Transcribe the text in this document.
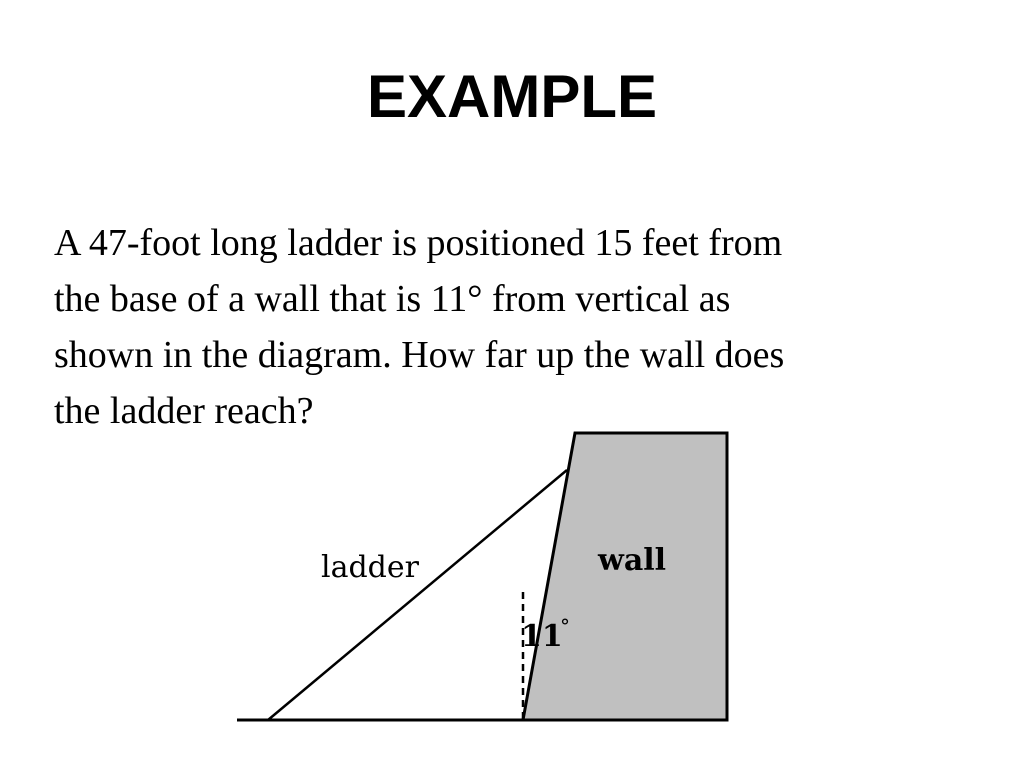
EXAMPLE

A 47-foot long ladder is positioned 15 feet from
the base of a wall that is 11° from vertical as
shown in the diagram. How far up the wall does
the ladder reach?

ladder	wall
11
°
